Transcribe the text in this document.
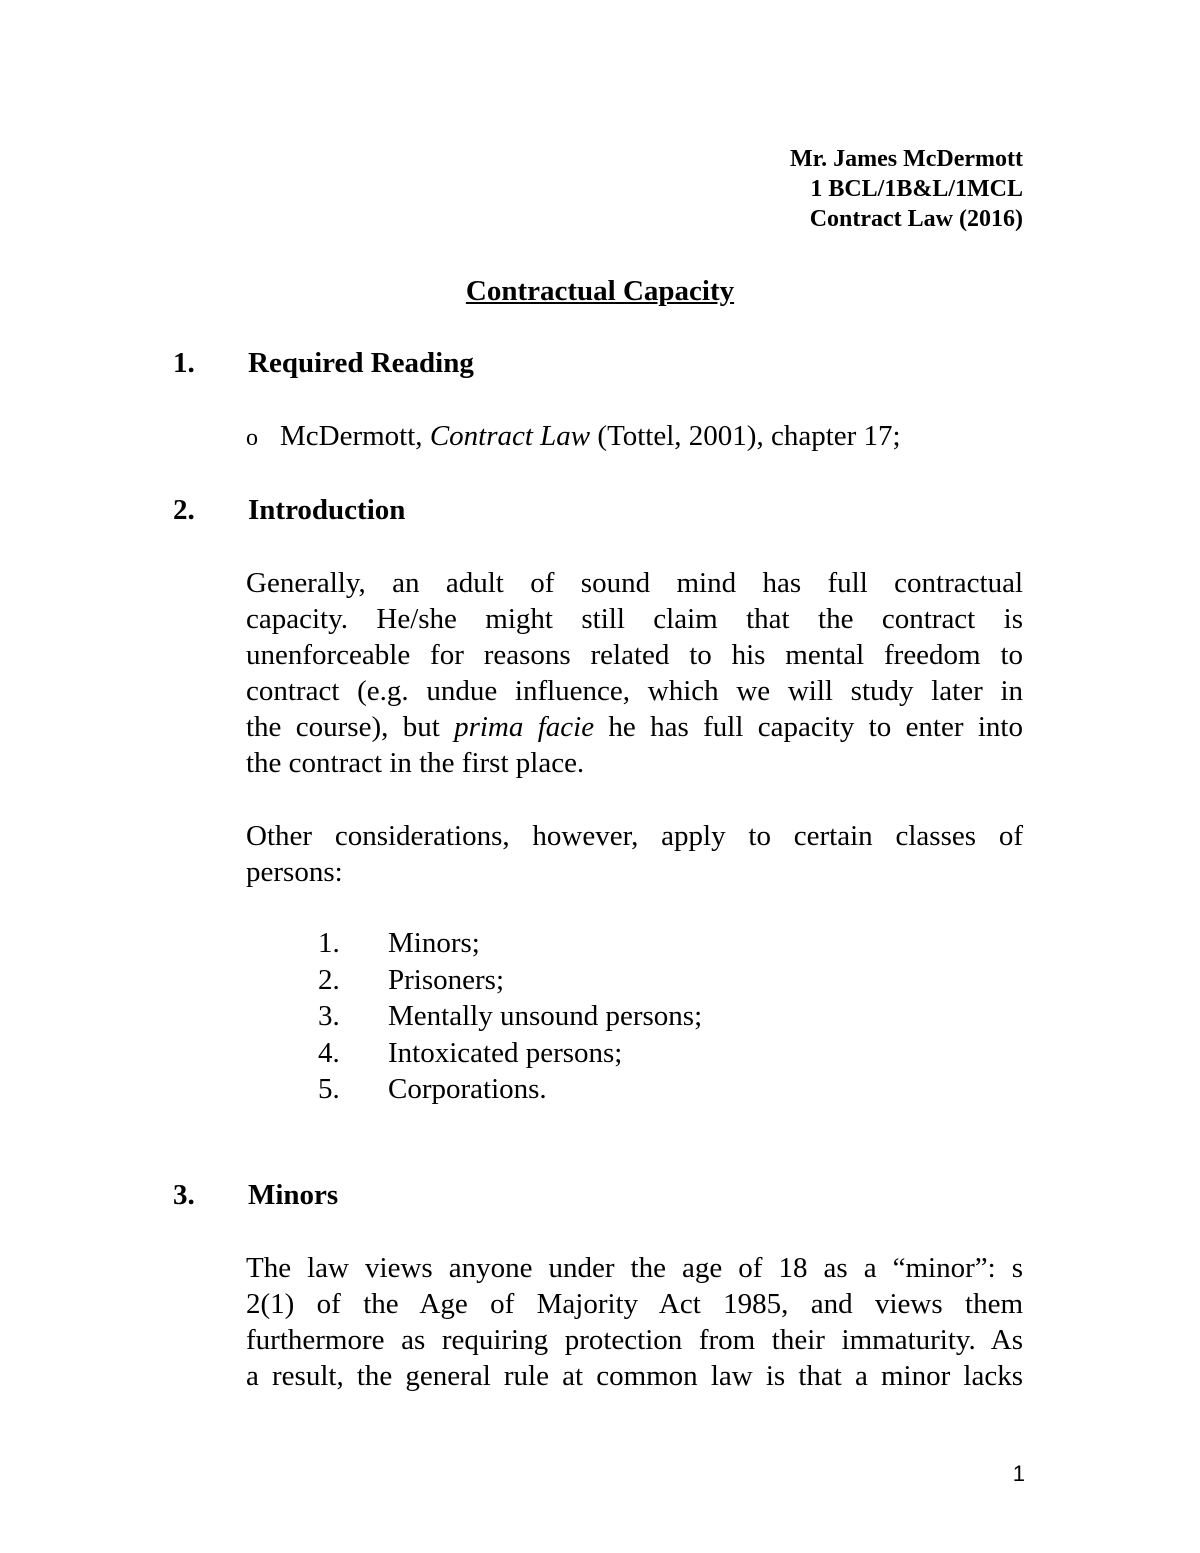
Mr. James McDermott
1 BCL/1B&L/1MCL
Contract Law (2016)
Contractual Capacity
1. Required Reading
o McDermott, Contract Law (Tottel, 2001), chapter 17;
2. Introduction
Generally, an adult of sound mind has full contractual
capacity. He/she might still claim that the contract is
unenforceable for reasons related to his mental freedom to
contract (e.g. undue influence, which we will study later in
the course), but prima facie he has full capacity to enter into
the contract in the first place.
Other considerations, however, apply to certain classes of
persons:
1. Minors;
2. Prisoners;
3. Mentally unsound persons;
4. Intoxicated persons;
5. Corporations.
3. Minors
The law views anyone under the age of 18 as a “minor”: s
2(1) of the Age of Majority Act 1985, and views them
furthermore as requiring protection from their immaturity. As
a result, the general rule at common law is that a minor lacks
1
